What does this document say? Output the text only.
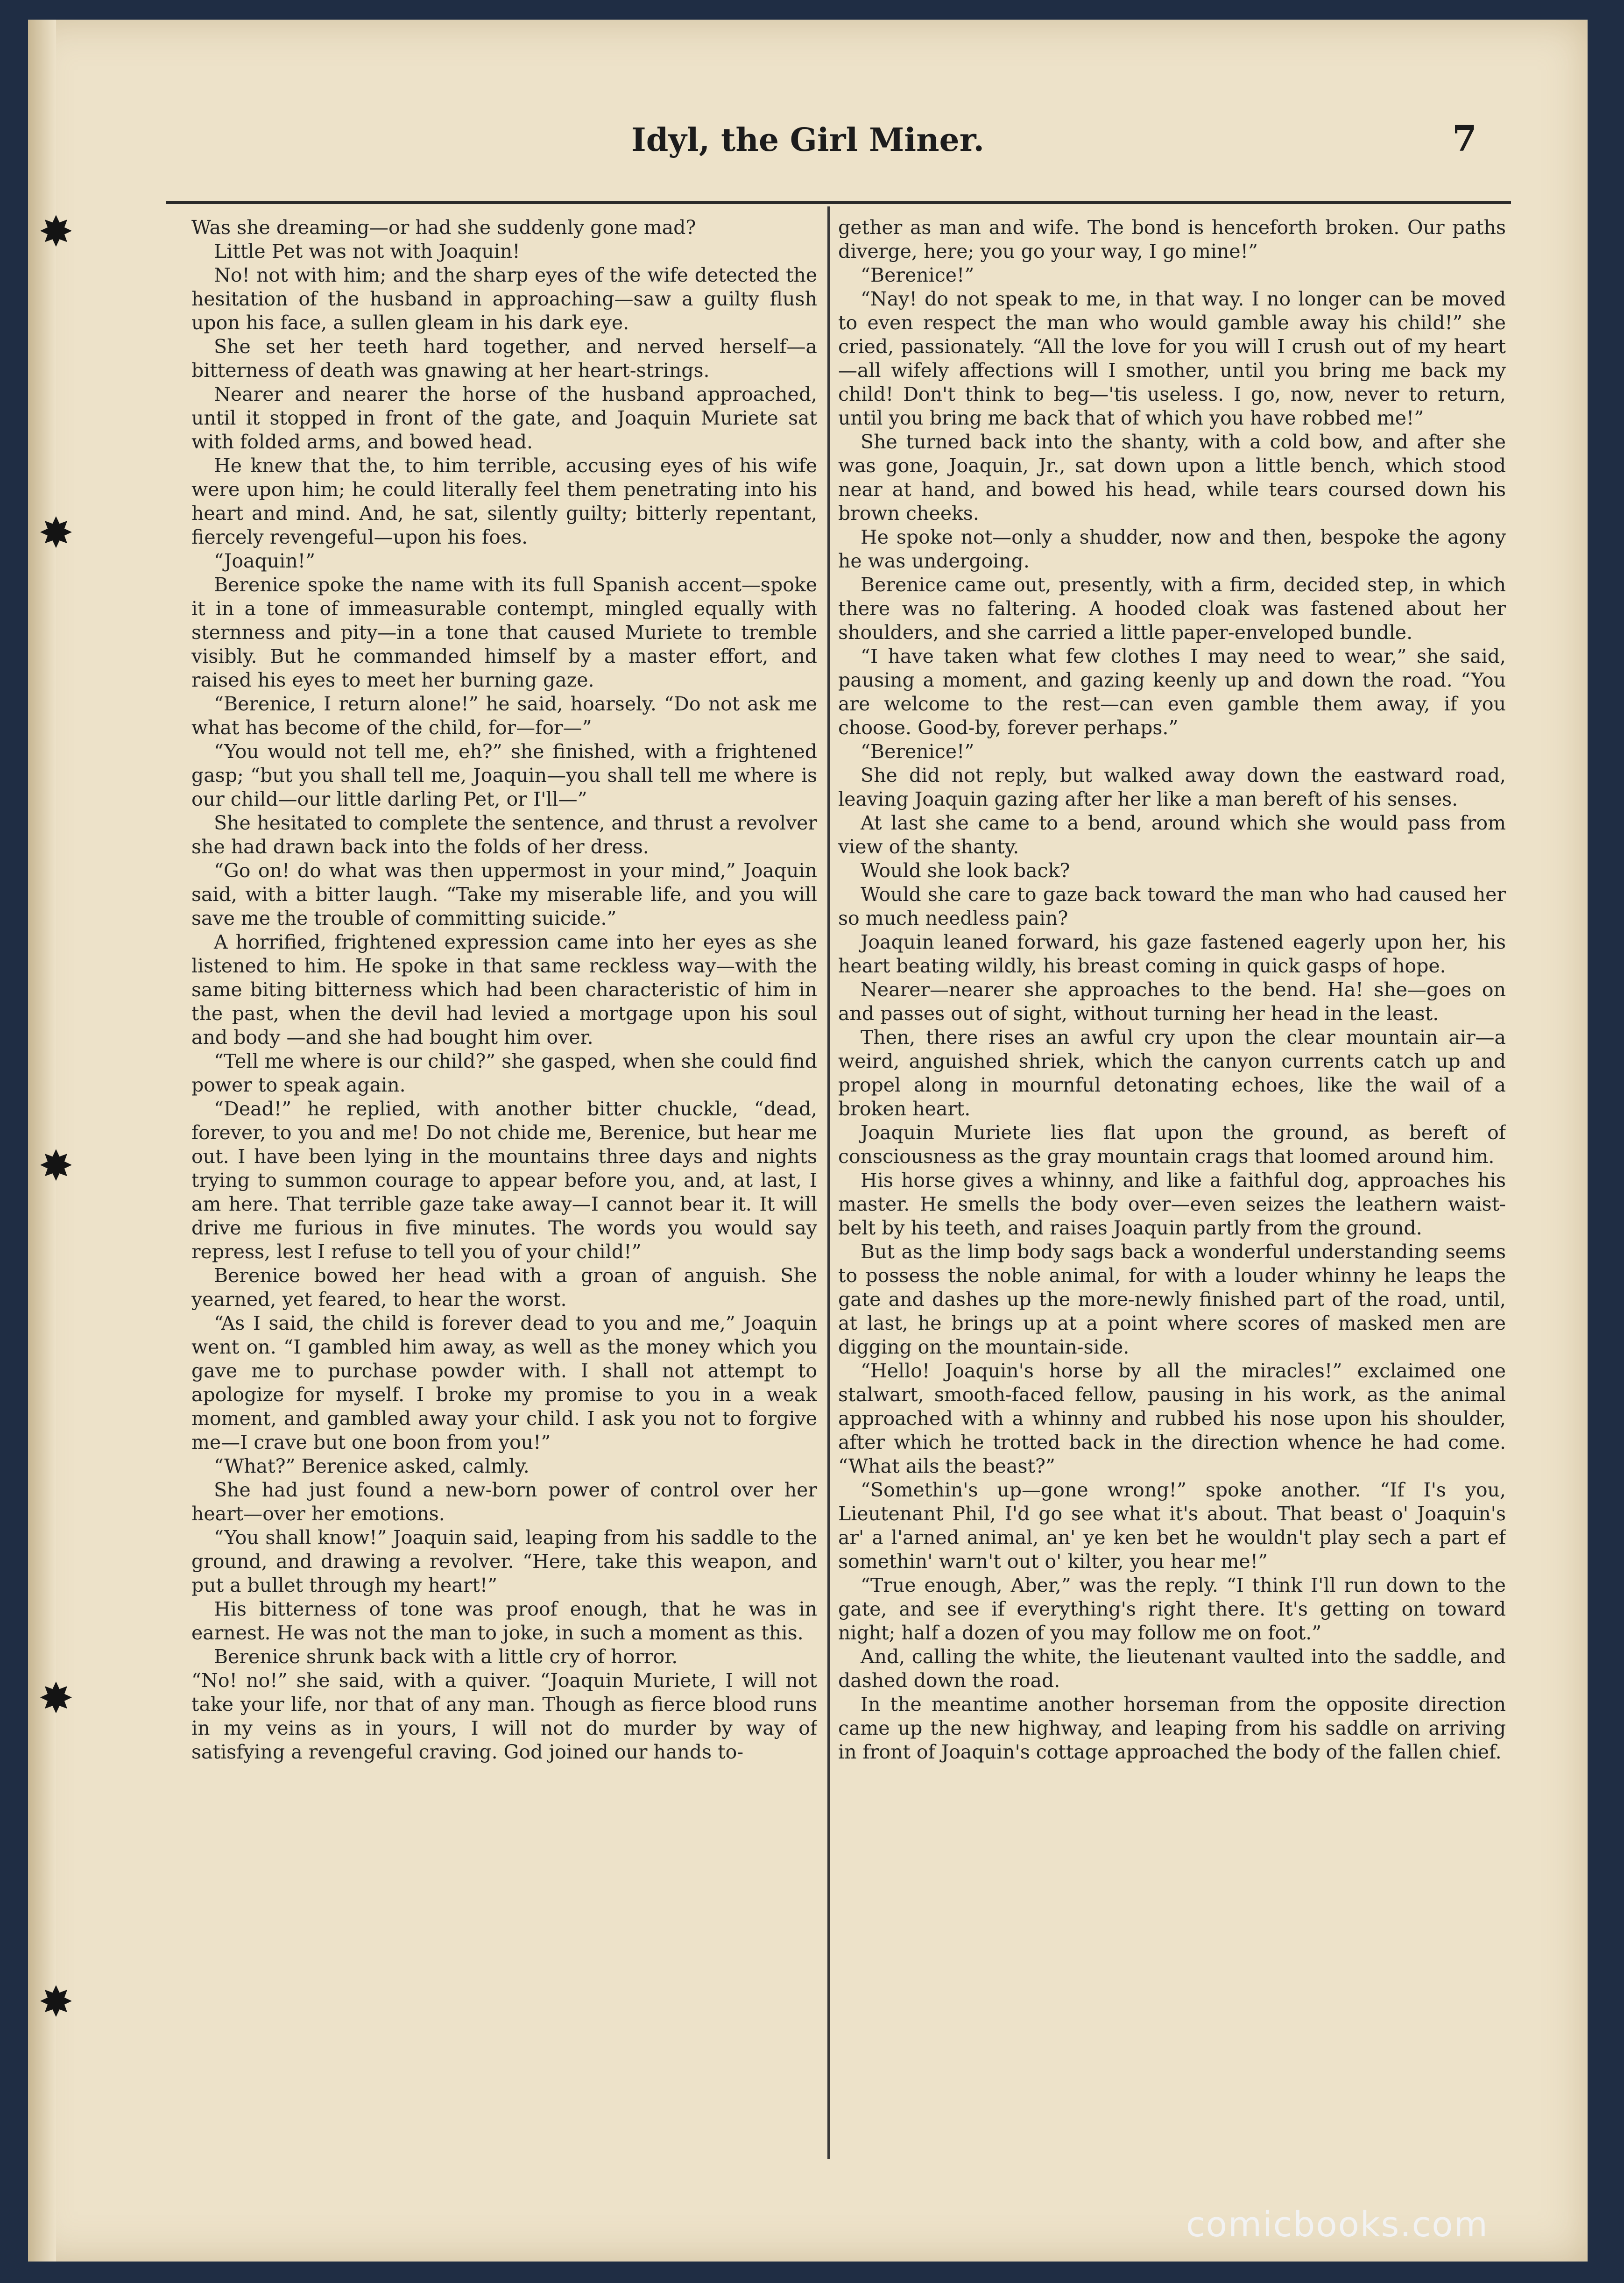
✸
✸
✸
✸
✸
Idyl, the Girl Miner.	7

Was she dreaming—or had she suddenly gone mad?

Little Pet was not with Joaquin!

No! not with him; and the sharp eyes of the wife detected the hesitation of the husband in approaching—saw a guilty flush upon his face, a sullen gleam in his dark eye.

She set her teeth hard together, and nerved herself—a bitterness of death was gnawing at her heart-strings.

Nearer and nearer the horse of the husband approached, until it stopped in front of the gate, and Joaquin Muriete sat with folded arms, and bowed head.

He knew that the, to him terrible, accusing eyes of his wife were upon him; he could literally feel them penetrating into his heart and mind. And, he sat, silently guilty; bitterly repentant, fiercely revengeful—upon his foes.

“Joaquin!”

Berenice spoke the name with its full Spanish accent—spoke it in a tone of immeasurable contempt, mingled equally with sternness and pity—in a tone that caused Muriete to tremble visibly. But he commanded himself by a master effort, and raised his eyes to meet her burning gaze.

“Berenice, I return alone!” he said, hoarsely. “Do not ask me what has become of the child, for—for—”

“You would not tell me, eh?” she finished, with a frightened gasp; “but you shall tell me, Joaquin—you shall tell me where is our child—our little darling Pet, or I'll—”

She hesitated to complete the sentence, and thrust a revolver she had drawn back into the folds of her dress.

“Go on! do what was then uppermost in your mind,” Joaquin said, with a bitter laugh. “Take my miserable life, and you will save me the trouble of committing suicide.”

A horrified, frightened expression came into her eyes as she listened to him. He spoke in that same reckless way—with the same biting bitterness which had been characteristic of him in the past, when the devil had levied a mortgage upon his soul and body —and she had bought him over.

“Tell me where is our child?” she gasped, when she could find power to speak again.

“Dead!” he replied, with another bitter chuckle, “dead, forever, to you and me! Do not chide me, Berenice, but hear me out. I have been lying in the mountains three days and nights trying to summon courage to appear before you, and, at last, I am here. That terrible gaze take away—I cannot bear it. It will drive me furious in five minutes. The words you would say repress, lest I refuse to tell you of your child!”

Berenice bowed her head with a groan of anguish. She yearned, yet feared, to hear the worst.

“As I said, the child is forever dead to you and me,” Joaquin went on. “I gambled him away, as well as the money which you gave me to purchase powder with. I shall not attempt to apologize for myself. I broke my promise to you in a weak moment, and gambled away your child. I ask you not to forgive me—I crave but one boon from you!”

“What?” Berenice asked, calmly.

She had just found a new-born power of control over her heart—over her emotions.

“You shall know!” Joaquin said, leaping from his saddle to the ground, and drawing a revolver. “Here, take this weapon, and put a bullet through my heart!”

His bitterness of tone was proof enough, that he was in earnest. He was not the man to joke, in such a moment as this.

Berenice shrunk back with a little cry of horror.

“No! no!” she said, with a quiver. “Joaquin Muriete, I will not take your life, nor that of any man. Though as fierce blood runs in my veins as in yours, I will not do murder by way of satisfying a revengeful craving. God joined our hands to-

gether as man and wife. The bond is henceforth broken. Our paths diverge, here; you go your way, I go mine!”

“Berenice!”

“Nay! do not speak to me, in that way. I no longer can be moved to even respect the man who would gamble away his child!” she cried, passionately. “All the love for you will I crush out of my heart—all wifely affections will I smother, until you bring me back my child! Don't think to beg—'tis useless. I go, now, never to return, until you bring me back that of which you have robbed me!”

She turned back into the shanty, with a cold bow, and after she was gone, Joaquin, Jr., sat down upon a little bench, which stood near at hand, and bowed his head, while tears coursed down his brown cheeks.

He spoke not—only a shudder, now and then, bespoke the agony he was undergoing.

Berenice came out, presently, with a firm, decided step, in which there was no faltering. A hooded cloak was fastened about her shoulders, and she carried a little paper-enveloped bundle.

“I have taken what few clothes I may need to wear,” she said, pausing a moment, and gazing keenly up and down the road. “You are welcome to the rest—can even gamble them away, if you choose. Good-by, forever perhaps.”

“Berenice!”

She did not reply, but walked away down the eastward road, leaving Joaquin gazing after her like a man bereft of his senses.

At last she came to a bend, around which she would pass from view of the shanty.

Would she look back?

Would she care to gaze back toward the man who had caused her so much needless pain?

Joaquin leaned forward, his gaze fastened eagerly upon her, his heart beating wildly, his breast coming in quick gasps of hope.

Nearer—nearer she approaches to the bend. Ha! she—goes on and passes out of sight, without turning her head in the least.

Then, there rises an awful cry upon the clear mountain air—a weird, anguished shriek, which the canyon currents catch up and propel along in mournful detonating echoes, like the wail of a broken heart.

Joaquin Muriete lies flat upon the ground, as bereft of consciousness as the gray mountain crags that loomed around him.

His horse gives a whinny, and like a faithful dog, approaches his master. He smells the body over—even seizes the leathern waist-belt by his teeth, and raises Joaquin partly from the ground.

But as the limp body sags back a wonderful understanding seems to possess the noble animal, for with a louder whinny he leaps the gate and dashes up the more-newly finished part of the road, until, at last, he brings up at a point where scores of masked men are digging on the mountain-side.

“Hello! Joaquin's horse by all the miracles!” exclaimed one stalwart, smooth-faced fellow, pausing in his work, as the animal approached with a whinny and rubbed his nose upon his shoulder, after which he trotted back in the direction whence he had come. “What ails the beast?”

“Somethin's up—gone wrong!” spoke another. “If I's you, Lieutenant Phil, I'd go see what it's about. That beast o' Joaquin's ar' a l'arned animal, an' ye ken bet he wouldn't play sech a part ef somethin' warn't out o' kilter, you hear me!”

“True enough, Aber,” was the reply. “I think I'll run down to the gate, and see if everything's right there. It's getting on toward night; half a dozen of you may follow me on foot.”

And, calling the white, the lieutenant vaulted into the saddle, and dashed down the road.

In the meantime another horseman from the opposite direction came up the new highway, and leaping from his saddle on arriving in front of Joaquin's cottage approached the body of the fallen chief.

comicbooks.com
